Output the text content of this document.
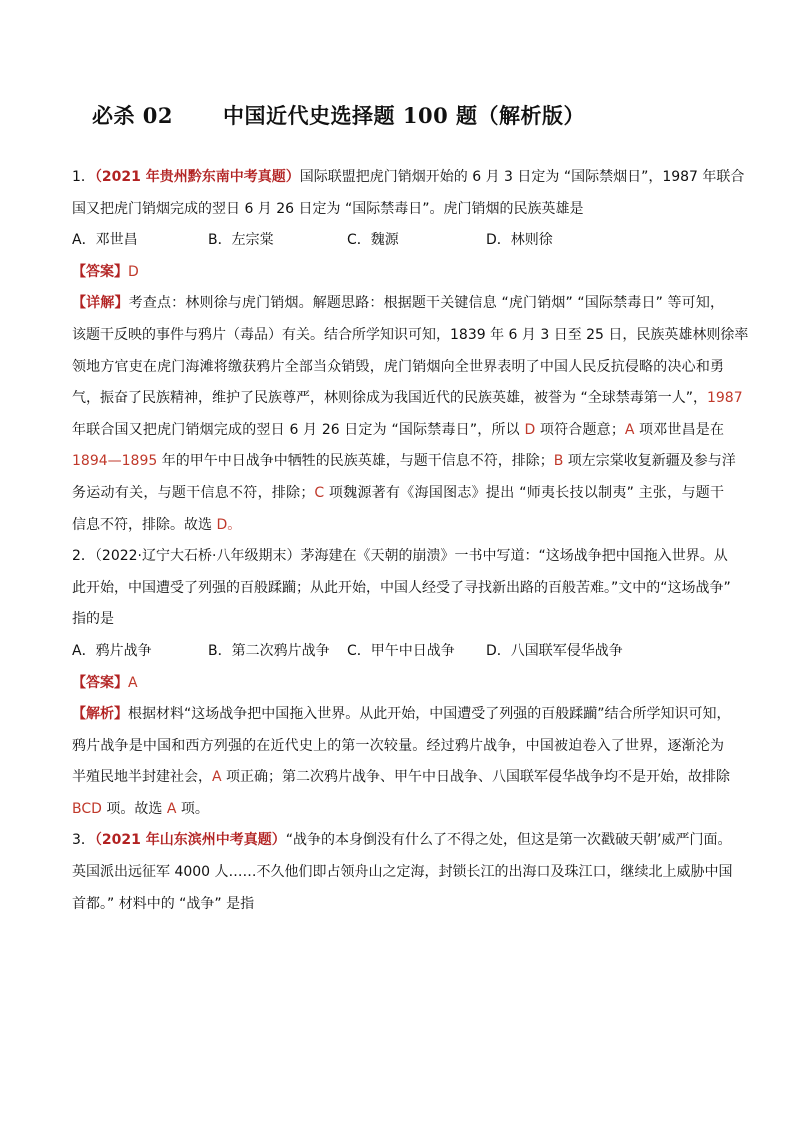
必杀 02 中国近代史选择题 100 题（解析版）
1．（2021 年贵州黔东南中考真题）国际联盟把虎门销烟开始的 6 月 3 日定为 “国际禁烟日”，1987 年联合
国又把虎门销烟完成的翌日 6 月 26 日定为 “国际禁毒日”。虎门销烟的民族英雄是
A．邓世昌	B．左宗棠	C．魏源	D．林则徐
【答案】D
【详解】考查点：林则徐与虎门销烟。解题思路：根据题干关键信息 “虎门销烟” “国际禁毒日” 等可知，
该题干反映的事件与鸦片（毒品）有关。结合所学知识可知，1839 年 6 月 3 日至 25 日，民族英雄林则徐率
领地方官吏在虎门海滩将缴获鸦片全部当众销毁，虎门销烟向全世界表明了中国人民反抗侵略的决心和勇
气，振奋了民族精神，维护了民族尊严，林则徐成为我国近代的民族英雄，被誉为 “全球禁毒第一人”，1987
年联合国又把虎门销烟完成的翌日 6 月 26 日定为 “国际禁毒日”，所以 D 项符合题意；A 项邓世昌是在
1894—1895 年的甲午中日战争中牺牲的民族英雄，与题干信息不符，排除；B 项左宗棠收复新疆及参与洋
务运动有关，与题干信息不符，排除；C 项魏源著有《海国图志》提出 “师夷长技以制夷” 主张，与题干
信息不符，排除。故选 D。
2．（2022·辽宁大石桥·八年级期末）茅海建在《天朝的崩溃》一书中写道：“这场战争把中国拖入世界。从
此开始，中国遭受了列强的百般蹂躏；从此开始，中国人经受了寻找新出路的百般苦难。”文中的“这场战争”
指的是
A．鸦片战争	B．第二次鸦片战争	C．甲午中日战争	D．八国联军侵华战争
【答案】A
【解析】根据材料“这场战争把中国拖入世界。从此开始，中国遭受了列强的百般蹂躏”结合所学知识可知，
鸦片战争是中国和西方列强的在近代史上的第一次较量。经过鸦片战争，中国被迫卷入了世界，逐渐沦为
半殖民地半封建社会，A 项正确；第二次鸦片战争、甲午中日战争、八国联军侵华战争均不是开始，故排除
BCD 项。故选 A 项。
3．（2021 年山东滨州中考真题）“战争的本身倒没有什么了不得之处，但这是第一次戳破天朝’威严门面。
英国派出远征军 4000 人……不久他们即占领舟山之定海，封锁长江的出海口及珠江口，继续北上威胁中国
首都。” 材料中的 “战争” 是指
